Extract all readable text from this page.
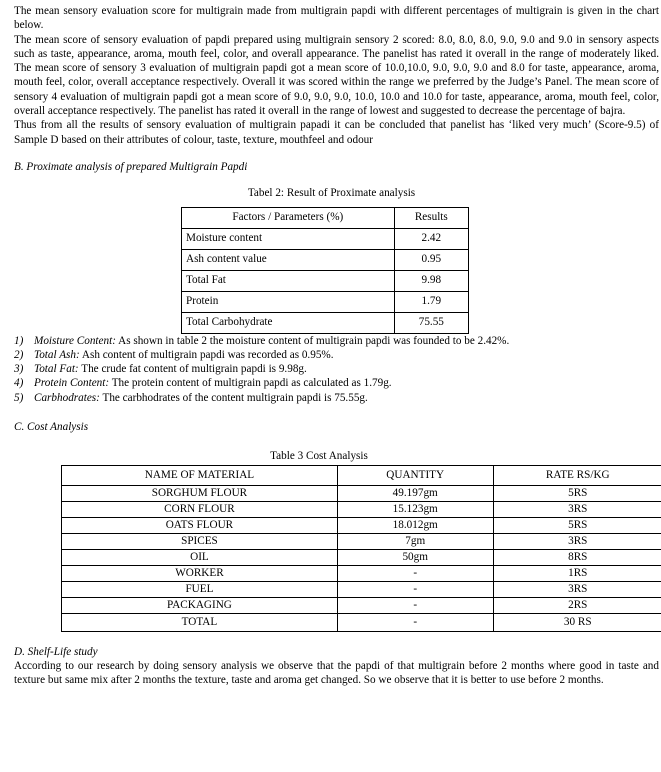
The mean sensory evaluation score for multigrain made from multigrain papdi with different percentages of multigrain is given in the chart below.

The mean score of sensory evaluation of papdi prepared using multigrain sensory 2 scored: 8.0, 8.0, 8.0, 9.0, 9.0 and 9.0 in sensory aspects such as taste, appearance, aroma, mouth feel, color, and overall appearance. The panelist has rated it overall in the range of moderately liked. The mean score of sensory 3 evaluation of multigrain papdi got a mean score of 10.0,10.0, 9.0, 9.0, 9.0 and 8.0 for taste, appearance, aroma, mouth feel, color, overall acceptance respectively. Overall it was scored within the range we preferred by the Judge’s Panel. The mean score of sensory 4 evaluation of multigrain papdi got a mean score of 9.0, 9.0, 9.0, 10.0, 10.0 and 10.0 for taste, appearance, aroma, mouth feel, color, overall acceptance respectively. The panelist has rated it overall in the range of lowest and suggested to decrease the percentage of bajra.

Thus from all the results of sensory evaluation of multigrain papadi it can be concluded that panelist has ‘liked very much’ (Score-9.5) of Sample D based on their attributes of colour, taste, texture, mouthfeel and odour

B. Proximate analysis of prepared Multigrain Papdi
Tabel 2: Result of Proximate analysis
Factors / Parameters (%)	Results
Moisture content	2.42
Ash content value	0.95
Total Fat	9.98
Protein	1.79
Total Carbohydrate	75.55
1) Moisture Content: As shown in table 2 the moisture content of multigrain papdi was founded to be 2.42%.
2) Total Ash: Ash content of multigrain papdi was recorded as 0.95%.
3) Total Fat: The crude fat content of multigrain papdi is 9.98g.
4) Protein Content: The protein content of multigrain papdi as calculated as 1.79g.
5) Carbhodrates: The carbhodrates of the content multigrain papdi is 75.55g.
C. Cost Analysis
Table 3 Cost Analysis
NAME OF MATERIAL	QUANTITY	RATE RS/KG
SORGHUM FLOUR	49.197gm	5RS
CORN FLOUR	15.123gm	3RS
OATS FLOUR	18.012gm	5RS
SPICES	7gm	3RS
OIL	50gm	8RS
WORKER	-	1RS
FUEL	-	3RS
PACKAGING	-	2RS
TOTAL	-	30 RS
D. Shelf-Life study

According to our research by doing sensory analysis we observe that the papdi of that multigrain before 2 months where good in taste and texture but same mix after 2 months the texture, taste and aroma get changed. So we observe that it is better to use before 2 months.
